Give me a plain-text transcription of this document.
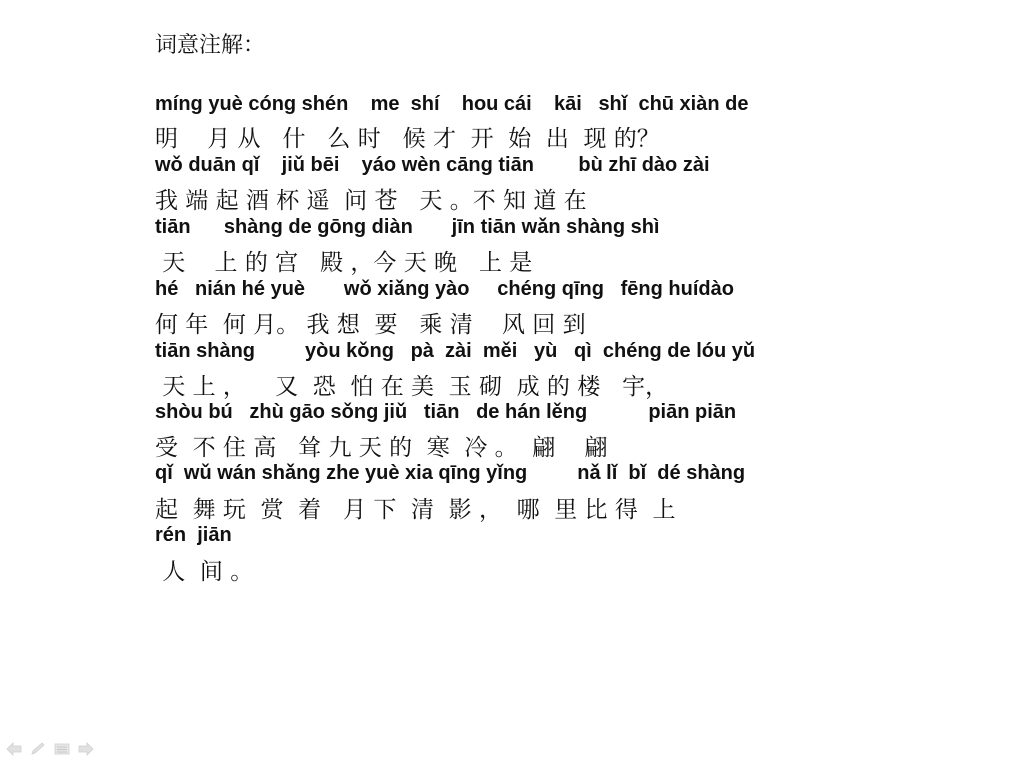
词意注解：
mínɡ yuè cónɡ shén    me  shí    hou cái    kāi   shǐ  chū xiàn de
明    月 从   什   么 时   候 才  开  始  出  现 的？
wǒ duān qǐ    jiǔ bēi    yáo wèn cānɡ tiān        bù zhī dào zài
我 端 起 酒 杯 遥  问 苍   天 。不 知 道 在
tiān      shànɡ de ɡōnɡ diàn       jīn tiān wǎn shànɡ shì
天    上 的 宫   殿 ，今 天 晚   上 是
hé   nián hé yuè       wǒ xiǎnɡ yào     chénɡ qīnɡ   fēnɡ huídào
何 年  何 月。 我 想  要   乘 清    风 回 到
tiān shànɡ         yòu kǒnɡ   pà  zài  měi   yù   qì  chénɡ de lóu yǔ
天 上 ，    又  恐  怕 在 美  玉 砌  成 的 楼   宇，
shòu bú   zhù ɡāo sǒnɡ jiǔ   tiān   de hán lěnɡ           piān piān
受  不 住 高   耸 九 天 的  寒  冷 。  翩    翩
qǐ  wǔ wán shǎnɡ zhe yuè xia qīnɡ yǐnɡ         nǎ lǐ  bǐ  dé shànɡ
起  舞 玩  赏  着   月 下  清  影 ，  哪  里 比 得  上
rén  jiān
人  间 。
